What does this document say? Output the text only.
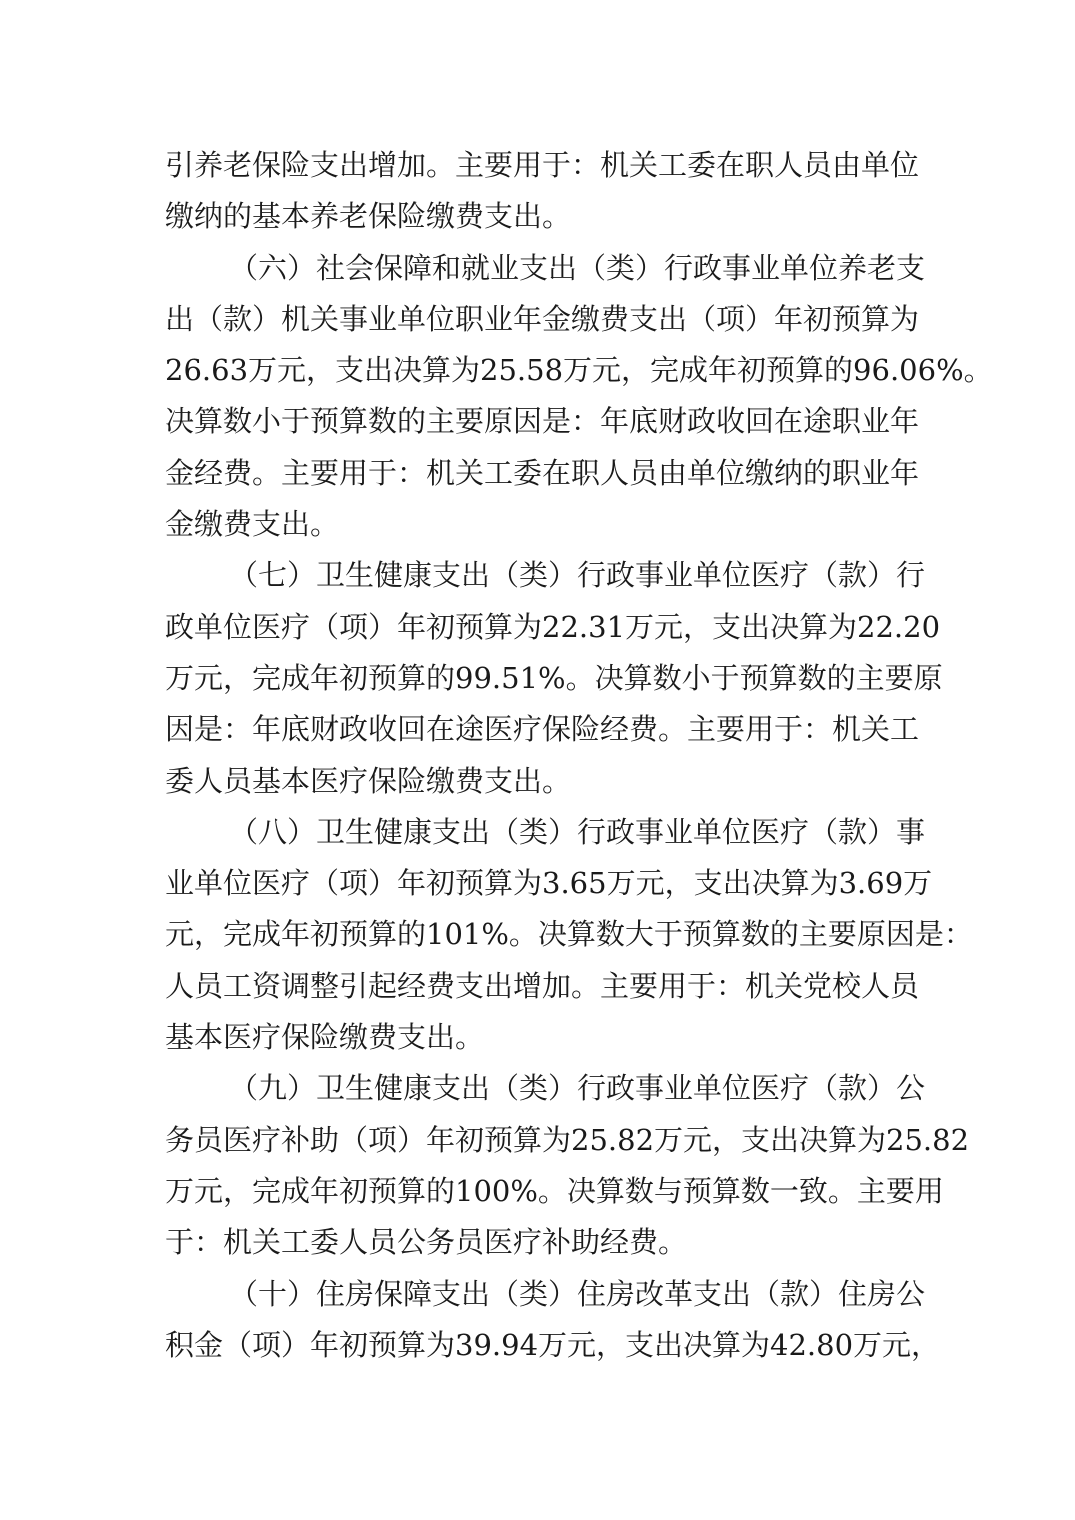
引养老保险支出增加。主要用于：机关工委在职人员由单位
缴纳的基本养老保险缴费支出。
（六）社会保障和就业支出（类）行政事业单位养老支
出（款）机关事业单位职业年金缴费支出（项）年初预算为
26.63万元，支出决算为25.58万元，完成年初预算的96.06%。
决算数小于预算数的主要原因是：年底财政收回在途职业年
金经费。主要用于：机关工委在职人员由单位缴纳的职业年
金缴费支出。
（七）卫生健康支出（类）行政事业单位医疗（款）行
政单位医疗（项）年初预算为22.31万元，支出决算为22.20
万元，完成年初预算的99.51%。决算数小于预算数的主要原
因是：年底财政收回在途医疗保险经费。主要用于：机关工
委人员基本医疗保险缴费支出。
（八）卫生健康支出（类）行政事业单位医疗（款）事
业单位医疗（项）年初预算为3.65万元，支出决算为3.69万
元，完成年初预算的101%。决算数大于预算数的主要原因是：
人员工资调整引起经费支出增加。主要用于：机关党校人员
基本医疗保险缴费支出。
（九）卫生健康支出（类）行政事业单位医疗（款）公
务员医疗补助（项）年初预算为25.82万元，支出决算为25.82
万元，完成年初预算的100%。决算数与预算数一致。主要用
于：机关工委人员公务员医疗补助经费。
（十）住房保障支出（类）住房改革支出（款）住房公
积金（项）年初预算为39.94万元，支出决算为42.80万元，
